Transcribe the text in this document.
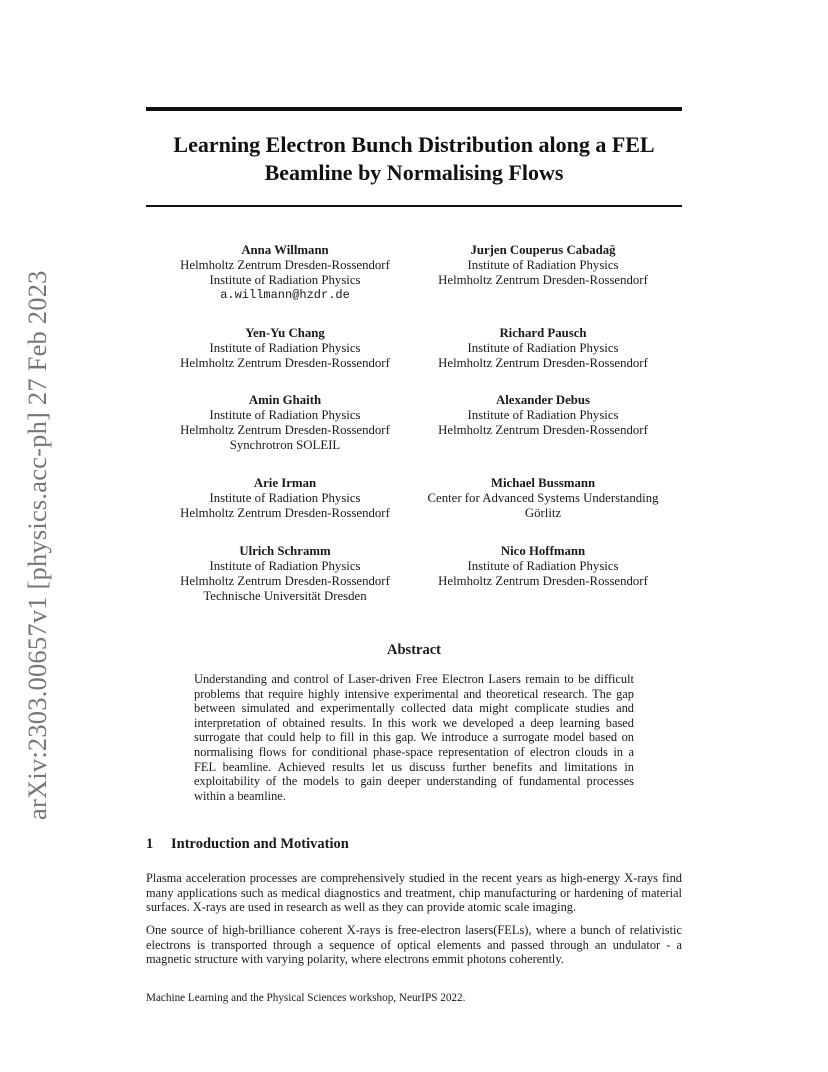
arXiv:2303.00657v1 [physics.acc-ph] 27 Feb 2023
Learning Electron Bunch Distribution along a FEL
Beamline by Normalising Flows
Anna Willmann
Helmholtz Zentrum Dresden-Rossendorf
Institute of Radiation Physics
a.willmann@hzdr.de
Jurjen Couperus Cabadağ
Institute of Radiation Physics
Helmholtz Zentrum Dresden-Rossendorf
Yen-Yu Chang
Institute of Radiation Physics
Helmholtz Zentrum Dresden-Rossendorf
Richard Pausch
Institute of Radiation Physics
Helmholtz Zentrum Dresden-Rossendorf
Amin Ghaith
Institute of Radiation Physics
Helmholtz Zentrum Dresden-Rossendorf
Synchrotron SOLEIL
Alexander Debus
Institute of Radiation Physics
Helmholtz Zentrum Dresden-Rossendorf
Arie Irman
Institute of Radiation Physics
Helmholtz Zentrum Dresden-Rossendorf
Michael Bussmann
Center for Advanced Systems Understanding
Görlitz
Ulrich Schramm
Institute of Radiation Physics
Helmholtz Zentrum Dresden-Rossendorf
Technische Universität Dresden
Nico Hoffmann
Institute of Radiation Physics
Helmholtz Zentrum Dresden-Rossendorf
Abstract
Understanding and control of Laser-driven Free Electron Lasers remain to be difficult problems that require highly intensive experimental and theoretical research. The gap between simulated and experimentally collected data might complicate studies and interpretation of obtained results. In this work we developed a deep learning based surrogate that could help to fill in this gap. We introduce a surrogate model based on normalising flows for conditional phase-space representation of electron clouds in a FEL beamline. Achieved results let us discuss further benefits and limitations in exploitability of the models to gain deeper understanding of fundamental processes within a beamline.
1 Introduction and Motivation
Plasma acceleration processes are comprehensively studied in the recent years as high-energy X-rays find many applications such as medical diagnostics and treatment, chip manufacturing or hardening of material surfaces. X-rays are used in research as well as they can provide atomic scale imaging.
One source of high-brilliance coherent X-rays is free-electron lasers(FELs), where a bunch of relativistic electrons is transported through a sequence of optical elements and passed through an undulator - a magnetic structure with varying polarity, where electrons emmit photons coherently.
Machine Learning and the Physical Sciences workshop, NeurIPS 2022.
